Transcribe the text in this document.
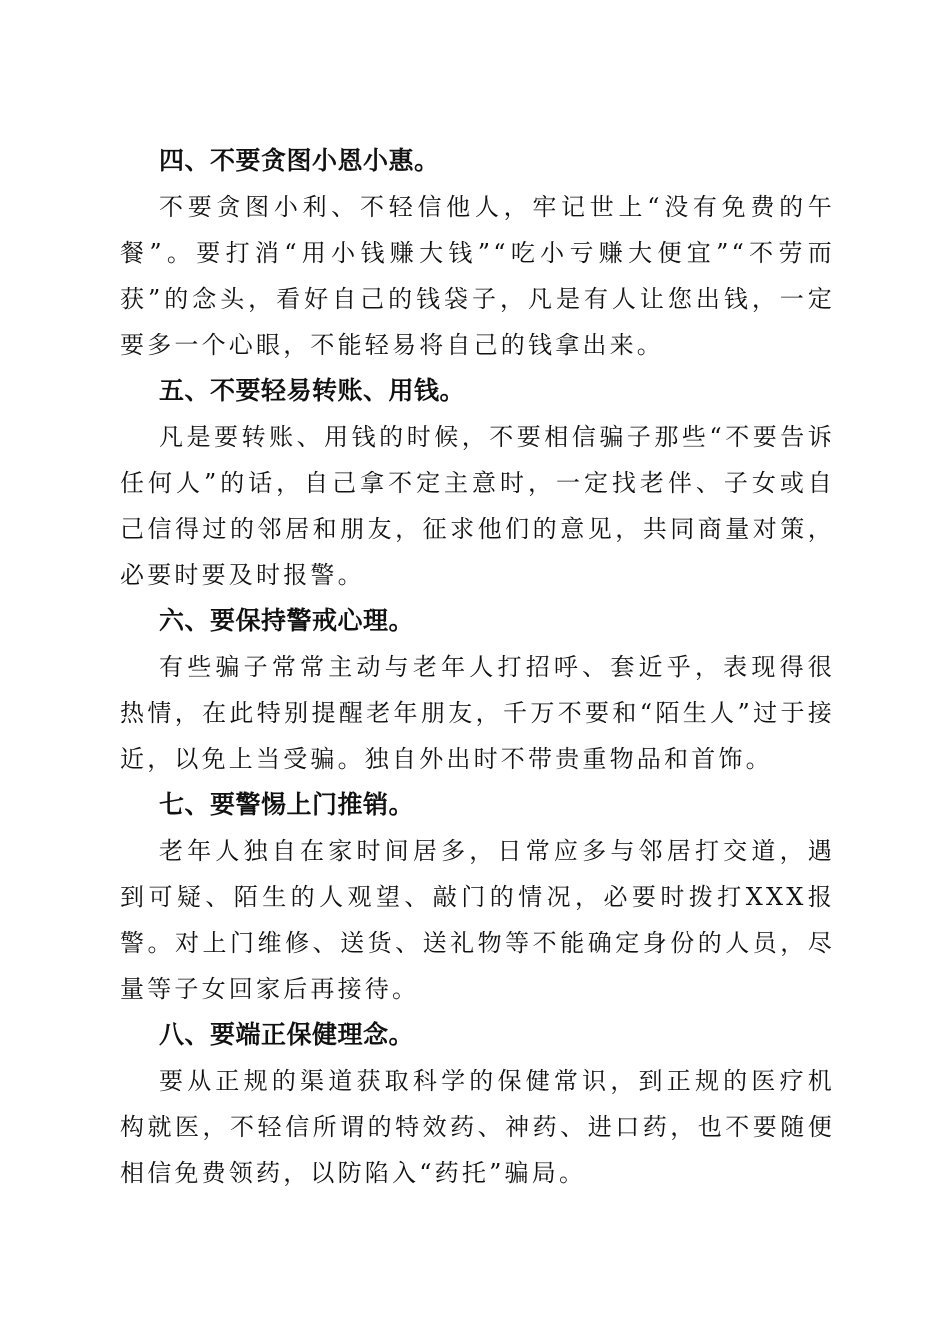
四、不要贪图小恩小惠。

不要贪图小利、不轻信他人，牢记世上“没有免费的午餐”。要打消“用小钱赚大钱”“吃小亏赚大便宜”“不劳而获”的念头，看好自己的钱袋子，凡是有人让您出钱，一定要多一个心眼，不能轻易将自己的钱拿出来。

五、不要轻易转账、用钱。

凡是要转账、用钱的时候，不要相信骗子那些“不要告诉任何人”的话，自己拿不定主意时，一定找老伴、子女或自己信得过的邻居和朋友，征求他们的意见，共同商量对策，必要时要及时报警。

六、要保持警戒心理。

有些骗子常常主动与老年人打招呼、套近乎，表现得很热情，在此特别提醒老年朋友，千万不要和“陌生人”过于接近，以免上当受骗。独自外出时不带贵重物品和首饰。

七、要警惕上门推销。

老年人独自在家时间居多，日常应多与邻居打交道，遇到可疑、陌生的人观望、敲门的情况，必要时拨打XXX报警。对上门维修、送货、送礼物等不能确定身份的人员，尽量等子女回家后再接待。

八、要端正保健理念。

要从正规的渠道获取科学的保健常识，到正规的医疗机构就医，不轻信所谓的特效药、神药、进口药，也不要随便相信免费领药，以防陷入“药托”骗局。
